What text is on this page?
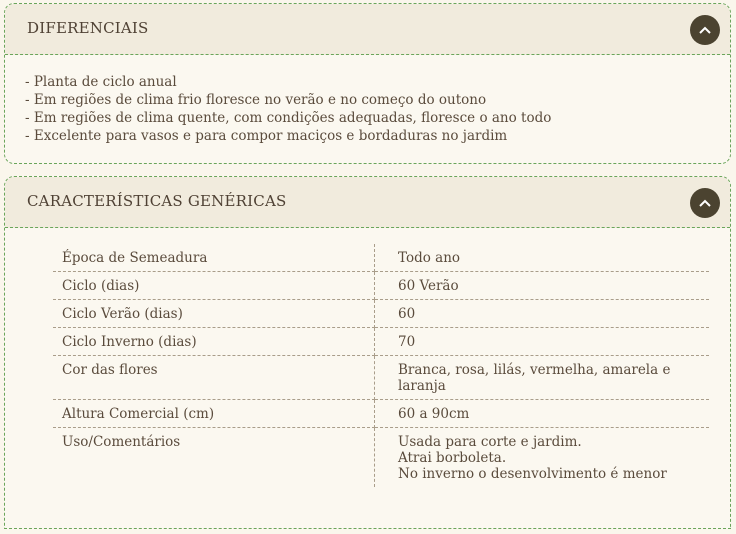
DIFERENCIAIS
- Planta de ciclo anual
- Em regiões de clima frio floresce no verão e no começo do outono
- Em regiões de clima quente, com condições adequadas, floresce o ano todo
- Excelente para vasos e para compor maciços e bordaduras no jardim
CARACTERÍSTICAS GENÉRICAS
Época de Semeadura	Todo ano

Ciclo (dias)	60 Verão

Ciclo Verão (dias)	60

Ciclo Inverno (dias)	70

Cor das flores	Branca, rosa, lilás, vermelha, amarela e laranja

Altura Comercial (cm)	60 a 90cm

Uso/Comentários	Usada para corte e jardim.
Atrai borboleta.
No inverno o desenvolvimento é menor
